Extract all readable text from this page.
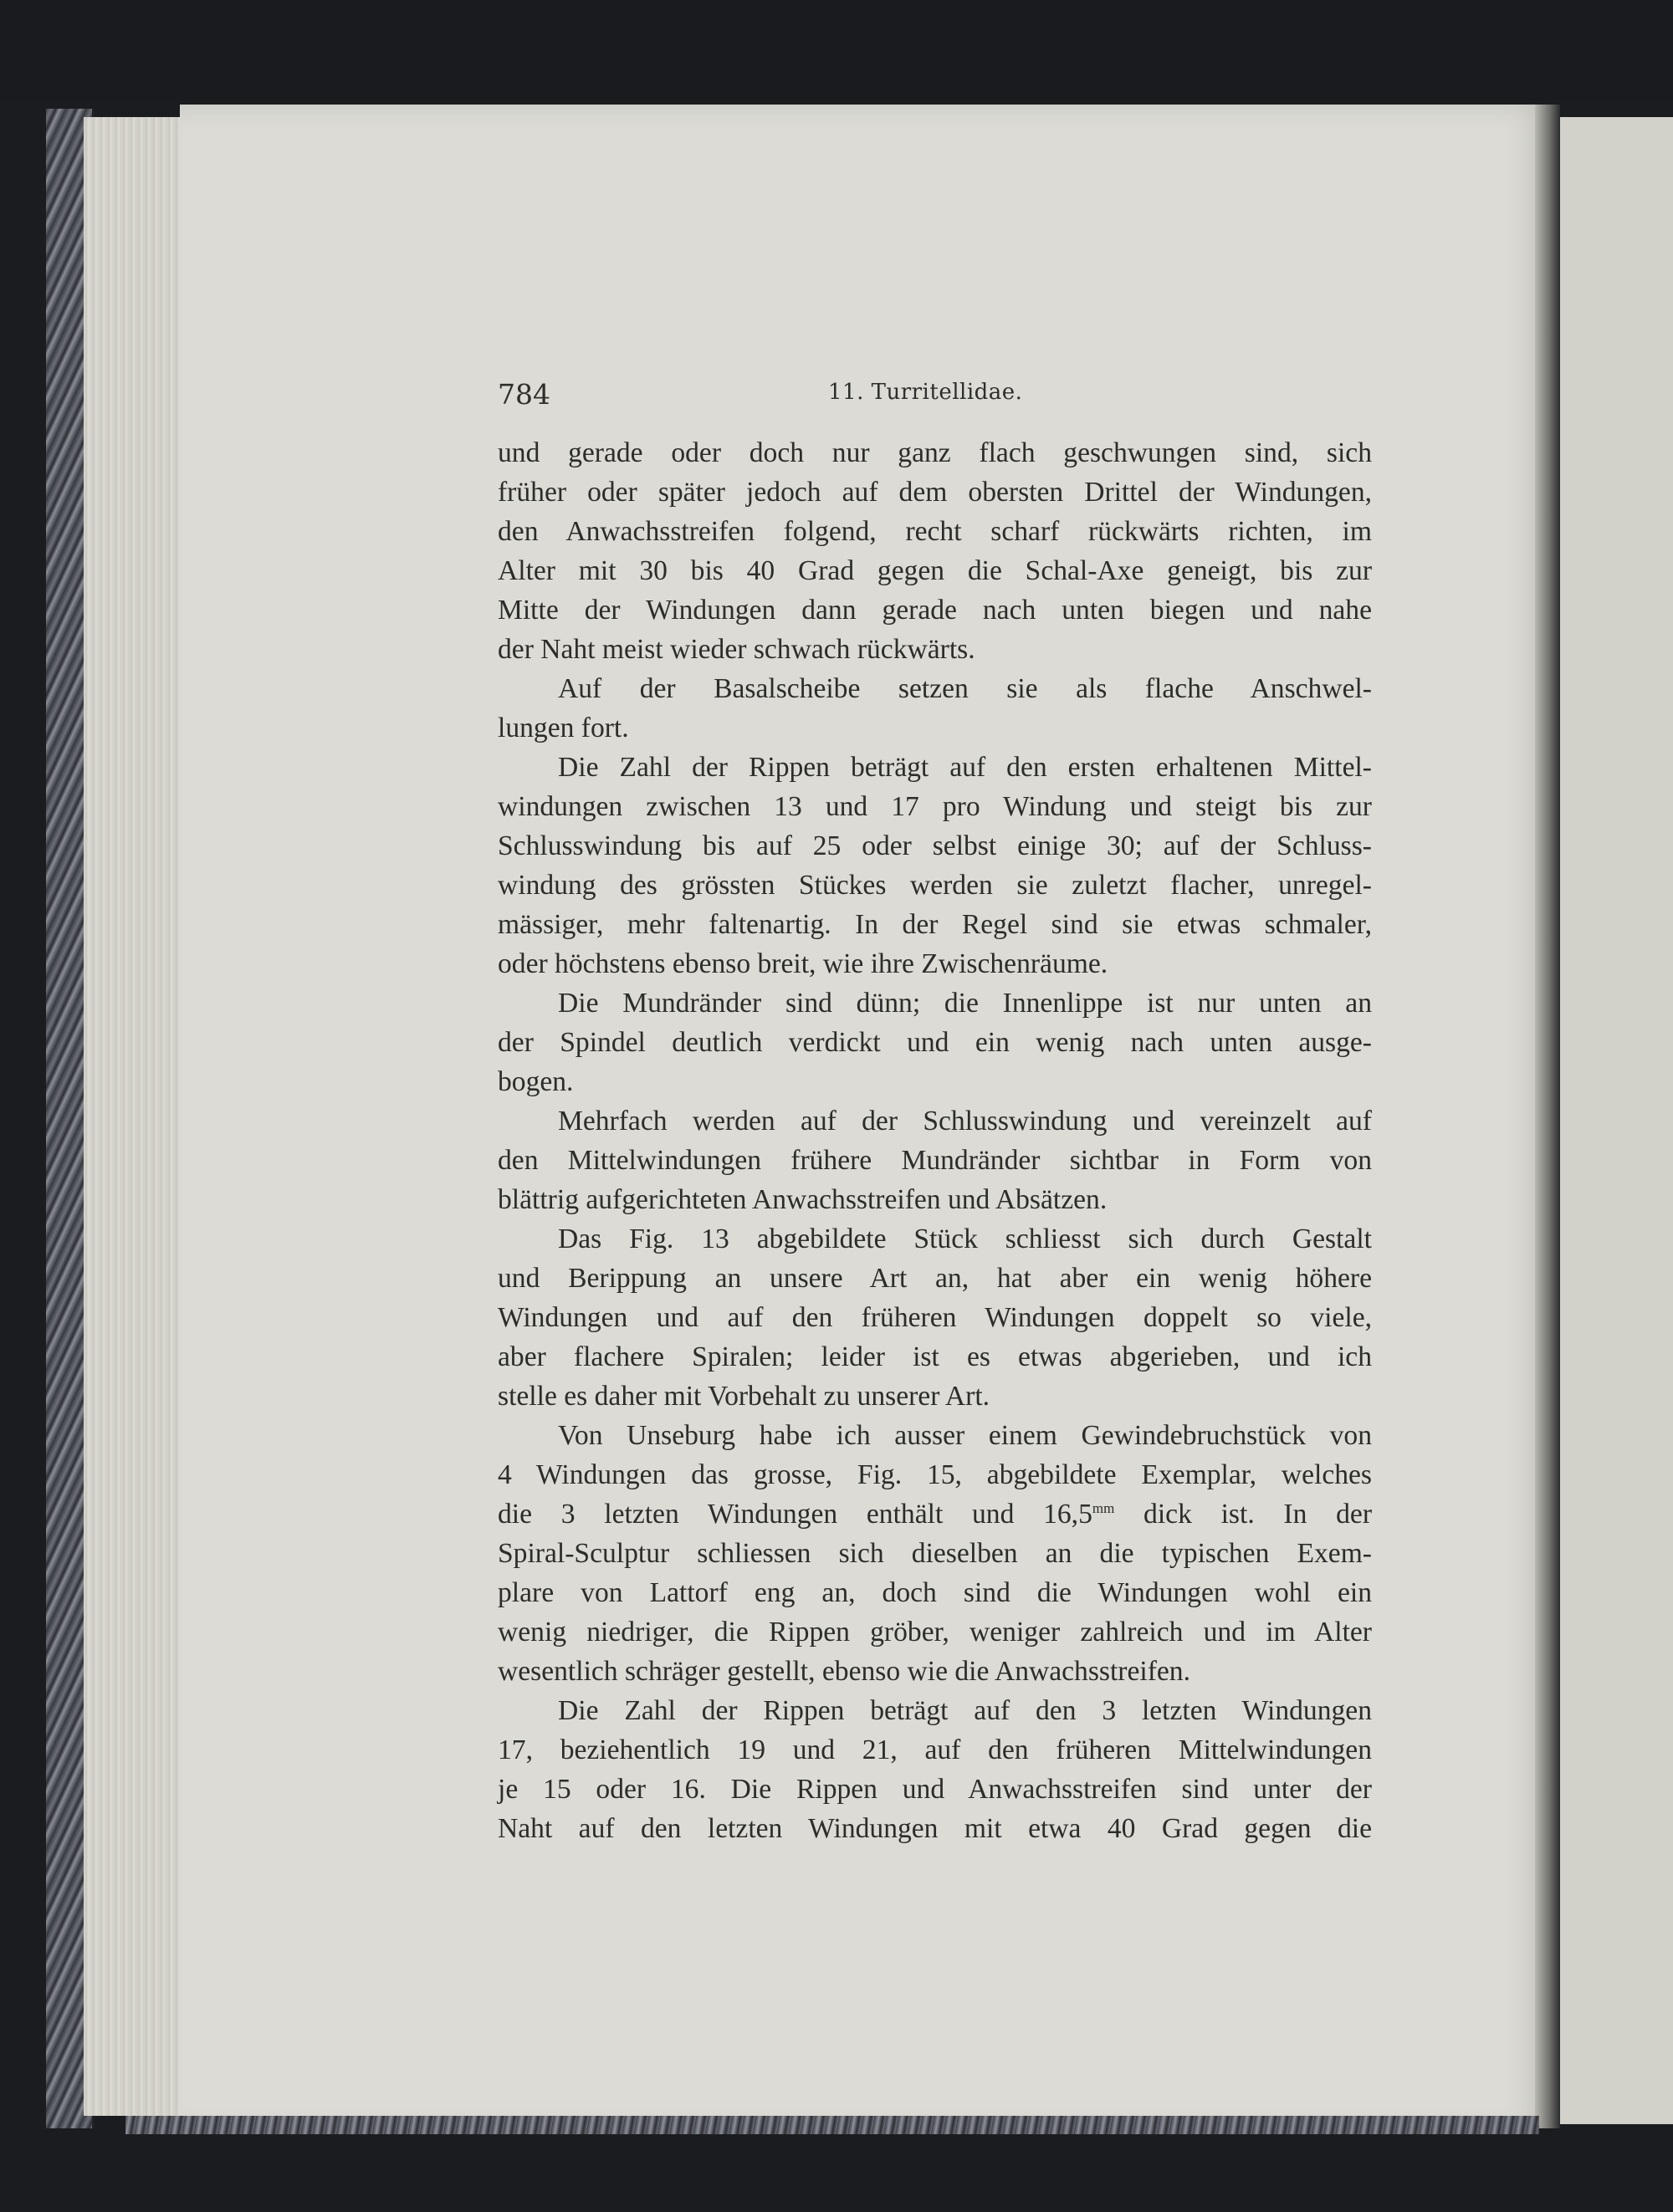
784	11. Turritellidae.
und gerade oder doch nur ganz flach geschwungen sind, sich
früher oder später jedoch auf dem obersten Drittel der Windungen,
den Anwachsstreifen folgend, recht scharf rückwärts richten, im
Alter mit 30 bis 40 Grad gegen die Schal-Axe geneigt, bis zur
Mitte der Windungen dann gerade nach unten biegen und nahe
der Naht meist wieder schwach rückwärts.
Auf der Basalscheibe setzen sie als flache Anschwel-
lungen fort.
Die Zahl der Rippen beträgt auf den ersten erhaltenen Mittel-
windungen zwischen 13 und 17 pro Windung und steigt bis zur
Schlusswindung bis auf 25 oder selbst einige 30; auf der Schluss-
windung des grössten Stückes werden sie zuletzt flacher, unregel-
mässiger, mehr faltenartig. In der Regel sind sie etwas schmaler,
oder höchstens ebenso breit, wie ihre Zwischenräume.
Die Mundränder sind dünn; die Innenlippe ist nur unten an
der Spindel deutlich verdickt und ein wenig nach unten ausge-
bogen.
Mehrfach werden auf der Schlusswindung und vereinzelt auf
den Mittelwindungen frühere Mundränder sichtbar in Form von
blättrig aufgerichteten Anwachsstreifen und Absätzen.
Das Fig. 13 abgebildete Stück schliesst sich durch Gestalt
und Berippung an unsere Art an, hat aber ein wenig höhere
Windungen und auf den früheren Windungen doppelt so viele,
aber flachere Spiralen; leider ist es etwas abgerieben, und ich
stelle es daher mit Vorbehalt zu unserer Art.
Von Unseburg habe ich ausser einem Gewindebruchstück von
4 Windungen das grosse, Fig. 15, abgebildete Exemplar, welches
die 3 letzten Windungen enthält und $16,5^{mm}$ dick ist. In der
Spiral-Sculptur schliessen sich dieselben an die typischen Exem-
plare von Lattorf eng an, doch sind die Windungen wohl ein
wenig niedriger, die Rippen gröber, weniger zahlreich und im Alter
wesentlich schräger gestellt, ebenso wie die Anwachsstreifen.
Die Zahl der Rippen beträgt auf den 3 letzten Windungen
17, beziehentlich 19 und 21, auf den früheren Mittelwindungen
je 15 oder 16. Die Rippen und Anwachsstreifen sind unter der
Naht auf den letzten Windungen mit etwa 40 Grad gegen die
